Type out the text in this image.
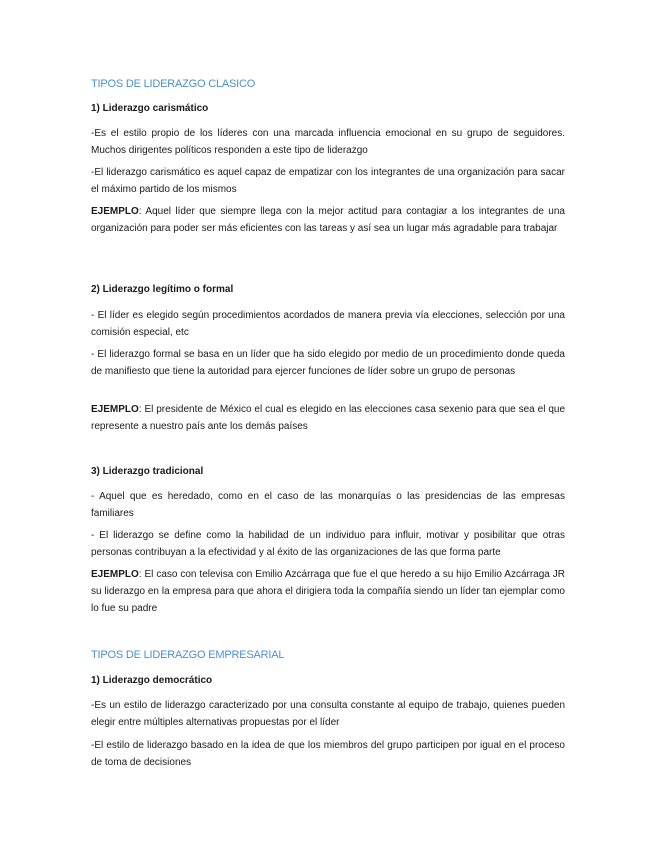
TIPOS DE LIDERAZGO CLASICO
1) Liderazgo carismático

-Es el estilo propio de los líderes con una marcada influencia emocional en su grupo de seguidores. Muchos dirigentes políticos responden a este tipo de liderazgo

-El liderazgo carismático es aquel capaz de empatizar con los integrantes de una organización para sacar el máximo partido de los mismos

EJEMPLO: Aquel líder que siempre llega con la mejor actitud para contagiar a los integrantes de una organización para poder ser más eficientes con las tareas y así sea un lugar más agradable para trabajar

2) Liderazgo legítimo o formal

- El líder es elegido según procedimientos acordados de manera previa vía elecciones, selección por una comisión especial, etc

- El liderazgo formal se basa en un líder que ha sido elegido por medio de un procedimiento donde queda de manifiesto que tiene la autoridad para ejercer funciones de líder sobre un grupo de personas

EJEMPLO: El presidente de México el cual es elegido en las elecciones casa sexenio para que sea el que represente a nuestro país ante los demás países

3) Liderazgo tradicional

- Aquel que es heredado, como en el caso de las monarquías o las presidencias de las empresas familiares

- El liderazgo se define como la habilidad de un individuo para influir, motivar y posibilitar que otras personas contribuyan a la efectividad y al éxito de las organizaciones de las que forma parte

EJEMPLO: El caso con televisa con Emilio Azcárraga que fue el que heredo a su hijo Emilio Azcárraga JR su liderazgo en la empresa para que ahora el dirigiera toda la compañía siendo un líder tan ejemplar como lo fue su padre

TIPOS DE LIDERAZGO EMPRESARIAL
1) Liderazgo democrático

-Es un estilo de liderazgo caracterizado por una consulta constante al equipo de trabajo, quienes pueden elegir entre múltiples alternativas propuestas por el líder

-El estilo de liderazgo basado en la idea de que los miembros del grupo participen por igual en el proceso de toma de decisiones
